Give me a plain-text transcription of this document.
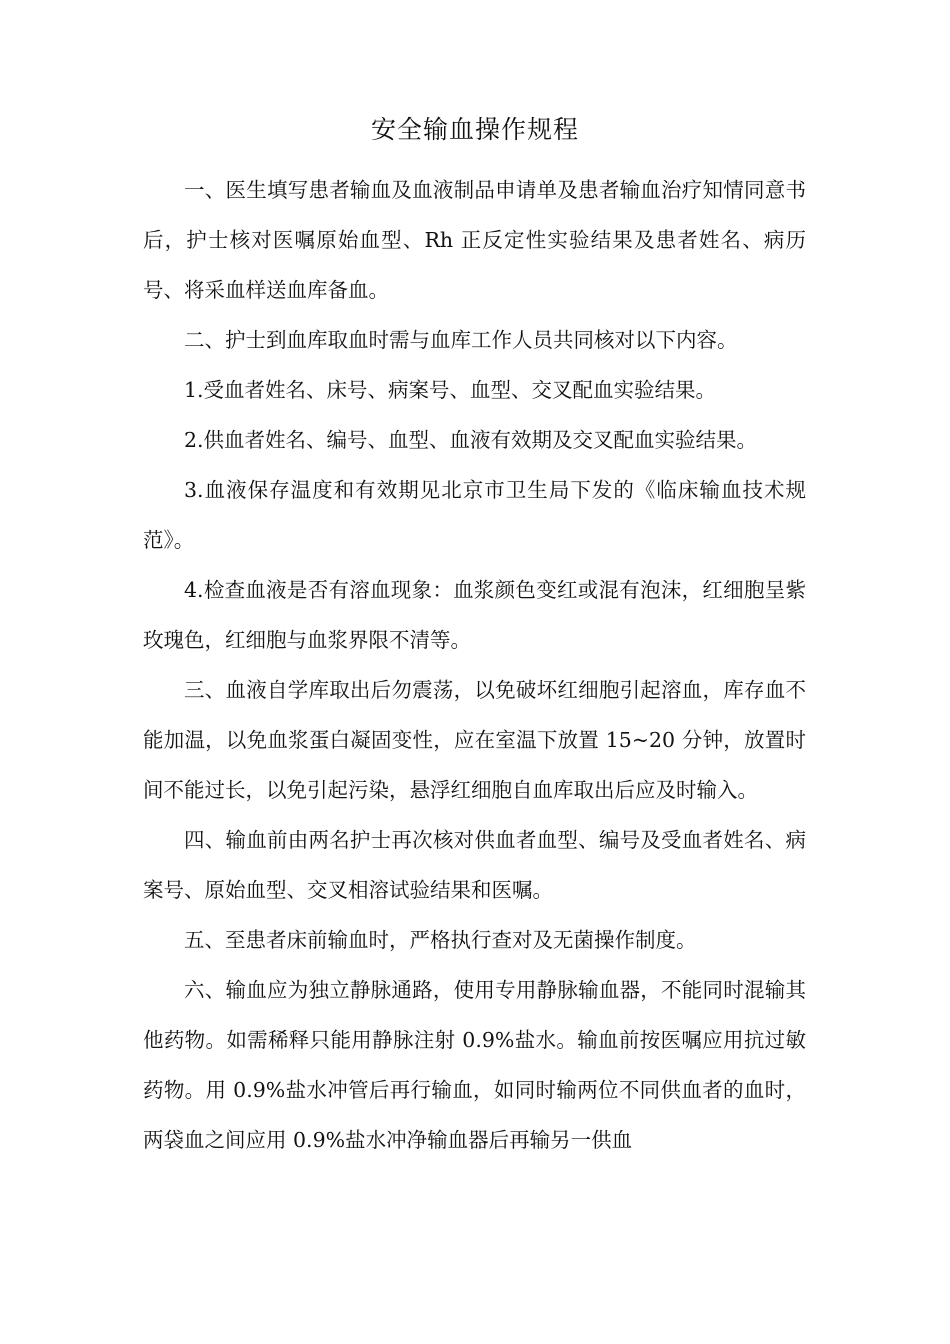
安全输血操作规程

一、医生填写患者输血及血液制品申请单及患者输血治疗知情同意书后，护士核对医嘱原始血型、Rh 正反定性实验结果及患者姓名、病历号、将采血样送血库备血。

二、护士到血库取血时需与血库工作人员共同核对以下内容。

1.受血者姓名、床号、病案号、血型、交叉配血实验结果。

2.供血者姓名、编号、血型、血液有效期及交叉配血实验结果。

3.血液保存温度和有效期见北京市卫生局下发的《临床输血技术规范》。

4.检查血液是否有溶血现象：血浆颜色变红或混有泡沫，红细胞呈紫玫瑰色，红细胞与血浆界限不清等。

三、血液自学库取出后勿震荡，以免破坏红细胞引起溶血，库存血不能加温，以免血浆蛋白凝固变性，应在室温下放置 15~20 分钟，放置时间不能过长，以免引起污染，悬浮红细胞自血库取出后应及时输入。

四、输血前由两名护士再次核对供血者血型、编号及受血者姓名、病案号、原始血型、交叉相溶试验结果和医嘱。

五、至患者床前输血时，严格执行查对及无菌操作制度。

六、输血应为独立静脉通路，使用专用静脉输血器，不能同时混输其他药物。如需稀释只能用静脉注射 0.9%盐水。输血前按医嘱应用抗过敏药物。用 0.9%盐水冲管后再行输血，如同时输两位不同供血者的血时，两袋血之间应用 0.9%盐水冲净输血器后再输另一供血
